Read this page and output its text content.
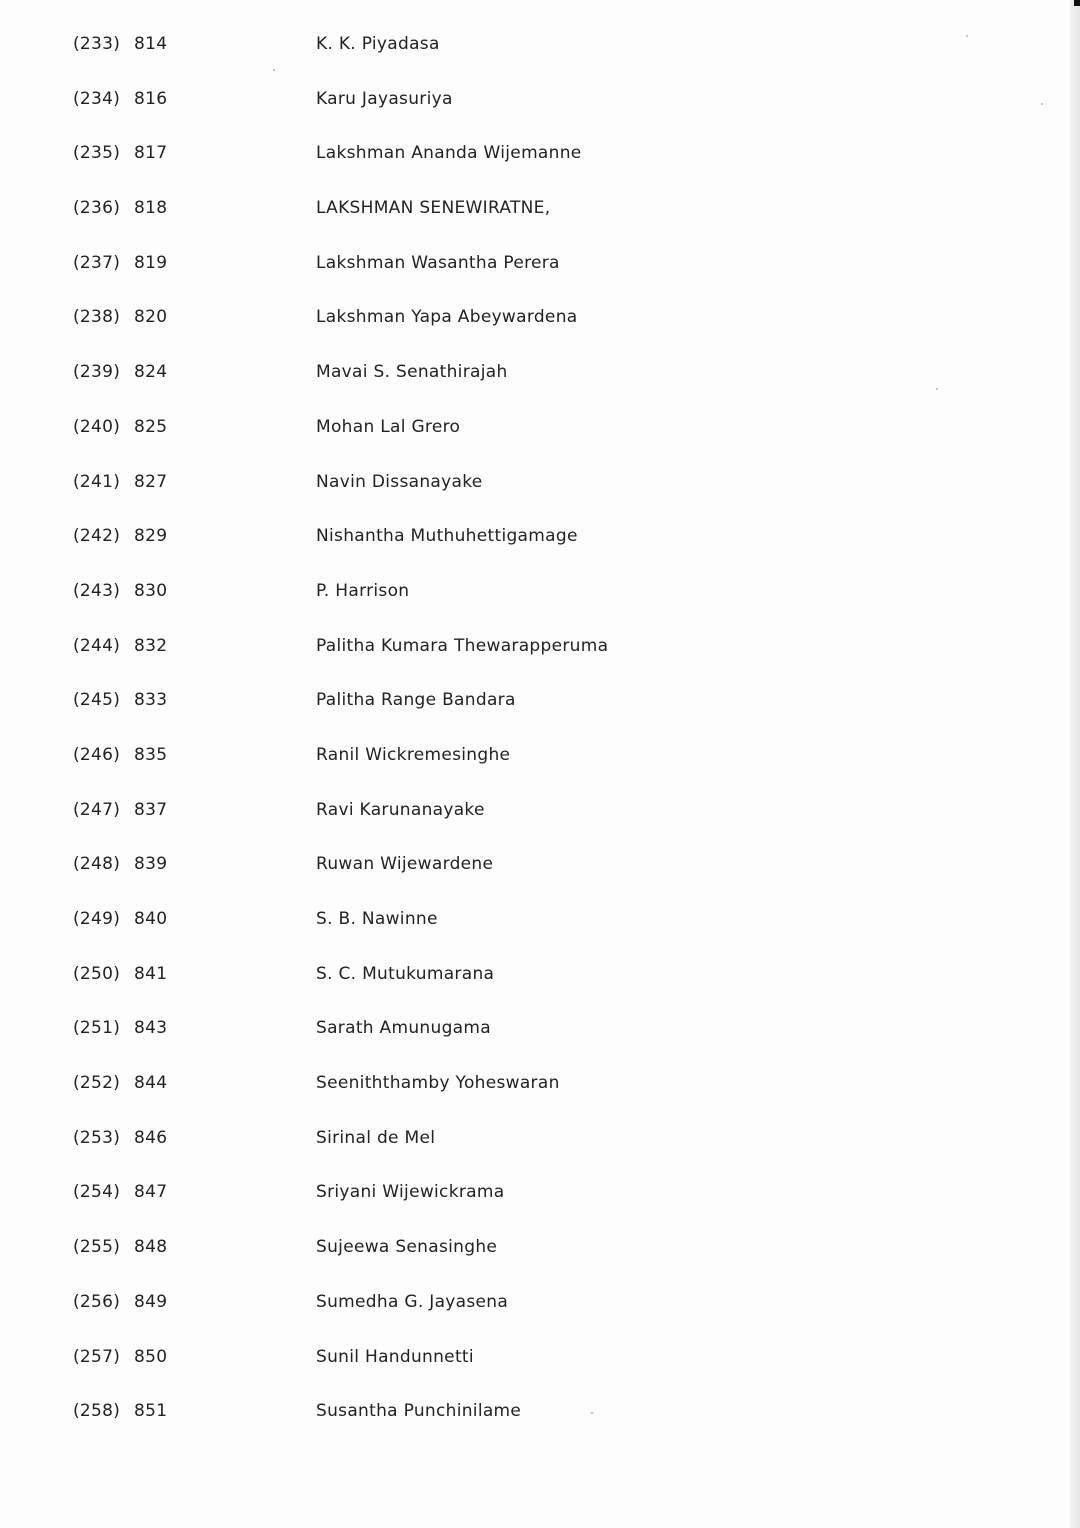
(233) 814	K. K. Piyadasa
(234) 816	Karu Jayasuriya
(235) 817	Lakshman Ananda Wijemanne
(236) 818	LAKSHMAN SENEWIRATNE,
(237) 819	Lakshman Wasantha Perera
(238) 820	Lakshman Yapa Abeywardena
(239) 824	Mavai S. Senathirajah
(240) 825	Mohan Lal Grero
(241) 827	Navin Dissanayake
(242) 829	Nishantha Muthuhettigamage
(243) 830	P. Harrison
(244) 832	Palitha Kumara Thewarapperuma
(245) 833	Palitha Range Bandara
(246) 835	Ranil Wickremesinghe
(247) 837	Ravi Karunanayake
(248) 839	Ruwan Wijewardene
(249) 840	S. B. Nawinne
(250) 841	S. C. Mutukumarana
(251) 843	Sarath Amunugama
(252) 844	Seeniththamby Yoheswaran
(253) 846	Sirinal de Mel
(254) 847	Sriyani Wijewickrama
(255) 848	Sujeewa Senasinghe
(256) 849	Sumedha G. Jayasena
(257) 850	Sunil Handunnetti
(258) 851	Susantha Punchinilame
